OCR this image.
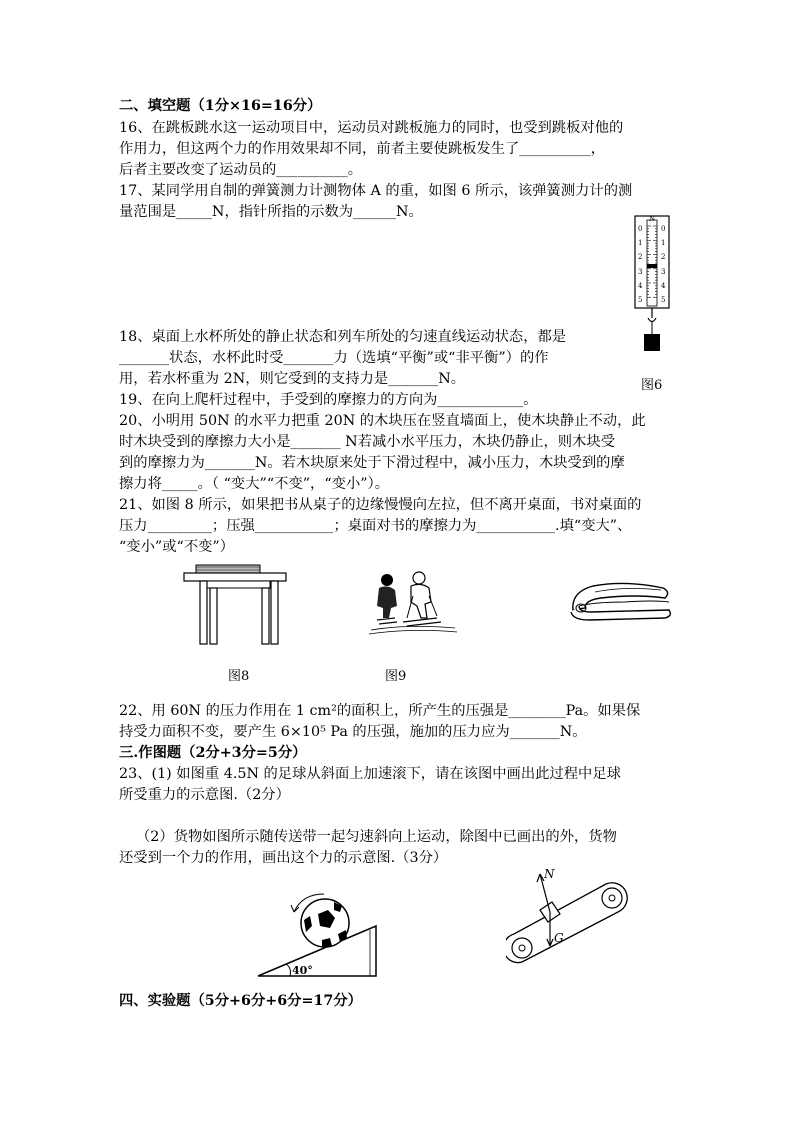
二、填空题（1分×16=16分）
16、在跳板跳水这一运动项目中，运动员对跳板施力的同时，也受到跳板对他的
作用力，但这两个力的作用效果却不同，前者主要使跳板发生了__________，
后者主要改变了运动员的__________。
17、某同学用自制的弹簧测力计测物体 A 的重，如图 6 所示，该弹簧测力计的测
量范围是_____N，指针所指的示数为______N。	N
0
1
2
3
4
5
0
1
2
3
4
5
18、桌面上水杯所处的静止状态和列车所处的匀速直线运动状态，都是
_______状态，水杯此时受_______力（选填“平衡”或“非平衡”）的作
用，若水杯重为 2N，则它受到的支持力是_______N。	图6
19、在向上爬杆过程中，手受到的摩擦力的方向为____________。
20、小明用 50N 的水平力把重 20N 的木块压在竖直墙面上，使木块静止不动，此
时木块受到的摩擦力大小是_______ N若减小水平压力，木块仍静止，则木块受
到的摩擦力为_______N。若木块原来处于下滑过程中，减小压力，木块受到的摩
擦力将_____。（ “变大”“不变”，“变小”）。
21、如图 8 所示，如果把书从桌子的边缘慢慢向左拉，但不离开桌面，书对桌面的
压力_________；压强___________；桌面对书的摩擦力为___________.填“变大”、
“变小”或“不变”）
图8	图9
22、用 60N 的压力作用在 1 cm²的面积上，所产生的压强是________Pa。如果保
持受力面积不变，要产生 6×10⁵ Pa 的压强，施加的压力应为_______N。
三.作图题（2分+3分=5分）
23、(1) 如图重 4.5N 的足球从斜面上加速滚下，请在该图中画出此过程中足球
所受重力的示意图.（2分）
（2）货物如图所示随传送带一起匀速斜向上运动，除图中已画出的外，货物
还受到一个力的作用，画出这个力的示意图.（3分）
40°
N
G
四、实验题（5分+6分+6分=17分）
